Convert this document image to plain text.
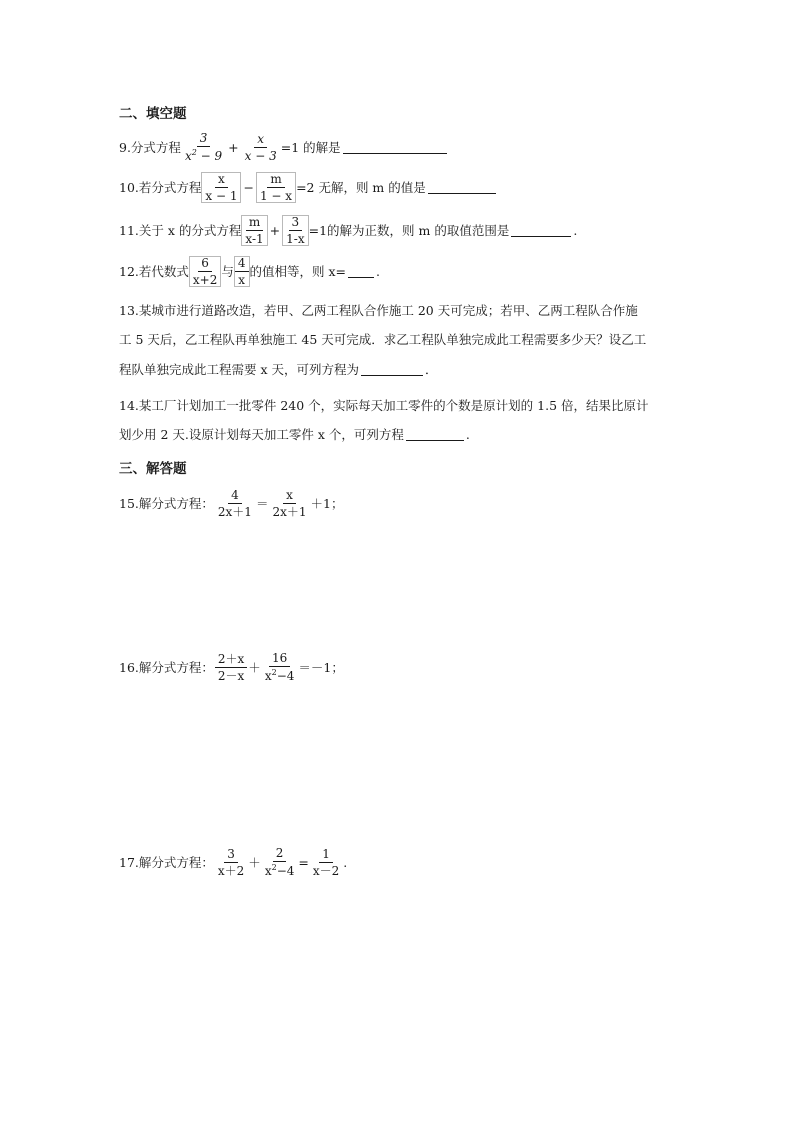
二、填空题
9.分式方程 $\frac{3}{x^2 - 9} + \frac{x}{x - 3} =1$ 的解是
10.若分式方程 $\frac{x}{x - 1} - \frac{m}{1 - x} =2$ 无解，则 m 的值是
11.关于 x 的分式方程 $\frac{m}{x-1} + \frac{3}{1-x} =1$的解为正数，则 m 的取值范围是	.
12.若代数式 $\frac{6}{x+2}$ 与 $\frac{4}{x}$ 的值相等，则 x= .
13.某城市进行道路改造，若甲、乙两工程队合作施工 20 天可完成；若甲、乙两工程队合作施
工 5 天后，乙工程队再单独施工 45 天可完成．求乙工程队单独完成此工程需要多少天？设乙工
程队单独完成此工程需要 x 天，可列方程为	．
14.某工厂计划加工一批零件 240 个，实际每天加工零件的个数是原计划的 1.5 倍，结果比原计
划少用 2 天.设原计划每天加工零件 x 个，可列方程	.
三、解答题
15.解分式方程： $\frac{4}{2x+1} = \frac{x}{2x+1} +1$；
16.解分式方程： $\frac{2+x}{2-x} + \frac{16}{x^2-4} =-1$；
17.解分式方程： $\frac{3}{x+2} + \frac{2}{x^2-4} = \frac{1}{x-2}$ .
